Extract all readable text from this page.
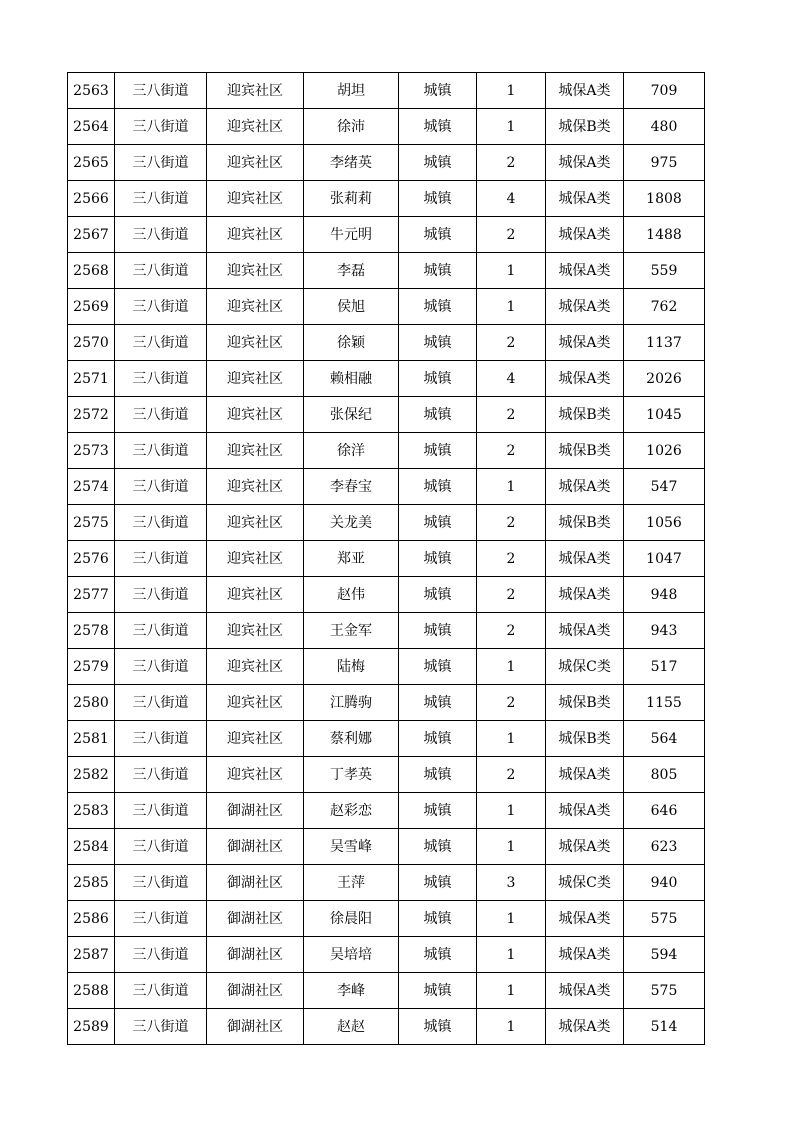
2563	三八街道	迎宾社区	胡坦	城镇	1	城保A类	709
2564	三八街道	迎宾社区	徐沛	城镇	1	城保B类	480
2565	三八街道	迎宾社区	李绪英	城镇	2	城保A类	975
2566	三八街道	迎宾社区	张莉莉	城镇	4	城保A类	1808
2567	三八街道	迎宾社区	牛元明	城镇	2	城保A类	1488
2568	三八街道	迎宾社区	李磊	城镇	1	城保A类	559
2569	三八街道	迎宾社区	侯旭	城镇	1	城保A类	762
2570	三八街道	迎宾社区	徐颖	城镇	2	城保A类	1137
2571	三八街道	迎宾社区	赖相融	城镇	4	城保A类	2026
2572	三八街道	迎宾社区	张保纪	城镇	2	城保B类	1045
2573	三八街道	迎宾社区	徐洋	城镇	2	城保B类	1026
2574	三八街道	迎宾社区	李春宝	城镇	1	城保A类	547
2575	三八街道	迎宾社区	关龙美	城镇	2	城保B类	1056
2576	三八街道	迎宾社区	郑亚	城镇	2	城保A类	1047
2577	三八街道	迎宾社区	赵伟	城镇	2	城保A类	948
2578	三八街道	迎宾社区	王金军	城镇	2	城保A类	943
2579	三八街道	迎宾社区	陆梅	城镇	1	城保C类	517
2580	三八街道	迎宾社区	江腾驹	城镇	2	城保B类	1155
2581	三八街道	迎宾社区	蔡利娜	城镇	1	城保B类	564
2582	三八街道	迎宾社区	丁孝英	城镇	2	城保A类	805
2583	三八街道	御湖社区	赵彩恋	城镇	1	城保A类	646
2584	三八街道	御湖社区	吴雪峰	城镇	1	城保A类	623
2585	三八街道	御湖社区	王萍	城镇	3	城保C类	940
2586	三八街道	御湖社区	徐晨阳	城镇	1	城保A类	575
2587	三八街道	御湖社区	吴培培	城镇	1	城保A类	594
2588	三八街道	御湖社区	李峰	城镇	1	城保A类	575
2589	三八街道	御湖社区	赵赵	城镇	1	城保A类	514
